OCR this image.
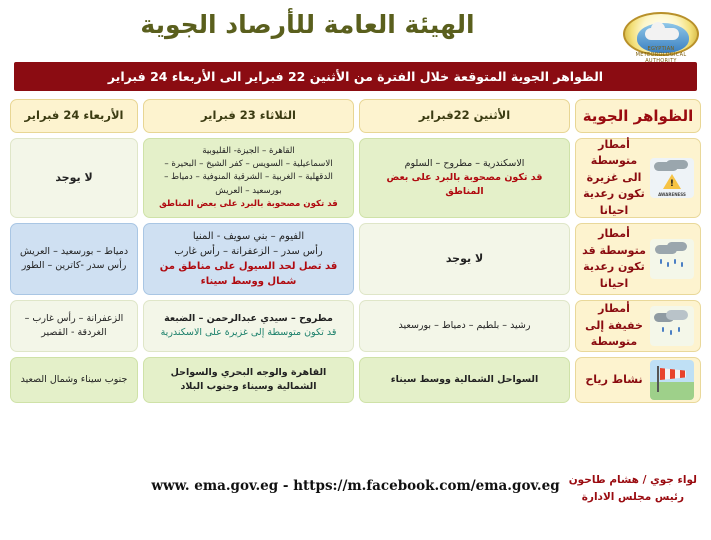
EGYPTIAN METEOROLOGICAL AUTHORITY
الهيئة العامة للأرصاد الجوية
الظواهر الجوية المتوقعة خلال الفترة من الأثنين 22 فبراير الى الأربعاء 24 فبراير
الظواهر الجوية
الأثنين 22فبراير
الثلاثاء 23 فبراير
الأربعاء 24 فبراير
!
AWARENESS
أمطار متوسطة الى غزيرة تكون رعدية احيانا
الاسكندرية – مطروح – السلوم
قد تكون مصحوبة بالبرد على بعض المناطق
القاهرة – الجيزة- القليوبية
الاسماعيلية – السويس – كفر الشيخ – البحيرة – الدقهلية – الغربية – الشرقية المنوفية – دمياط – بورسعيد – العريش
قد تكون مصحوبة بالبرد على بعض المناطق
لا يوجد
أمطار متوسطة قد تكون رعدية احيانا
لا يوجد
الفيوم – بني سويف - المنيا
رأس سدر – الزعفرانة – رأس غارب
قد تصل لحد السيول على مناطق من شمال ووسط سيناء
دمياط – بورسعيد – العريش
رأس سدر -كاترين – الطور
أمطار خفيفة إلى متوسطة
رشيد – بلطيم – دمياط – بورسعيد
مطروح – سيدي عبدالرحمن – الضبعة
قد تكون متوسطة إلى غزيرة على الاسكندرية
الزعفرانة – رأس غارب – الغردقة - القصير
نشاط رياح
السواحل الشمالية ووسط سيناء
القاهرة والوجه البحري والسواحل الشمالية وسيناء وجنوب البلاد
جنوب سيناء وشمال الصعيد
www. ema.gov.eg - https://m.facebook.com/ema.gov.eg لواء جوي / هشام طاحون
رئيس مجلس الادارة
